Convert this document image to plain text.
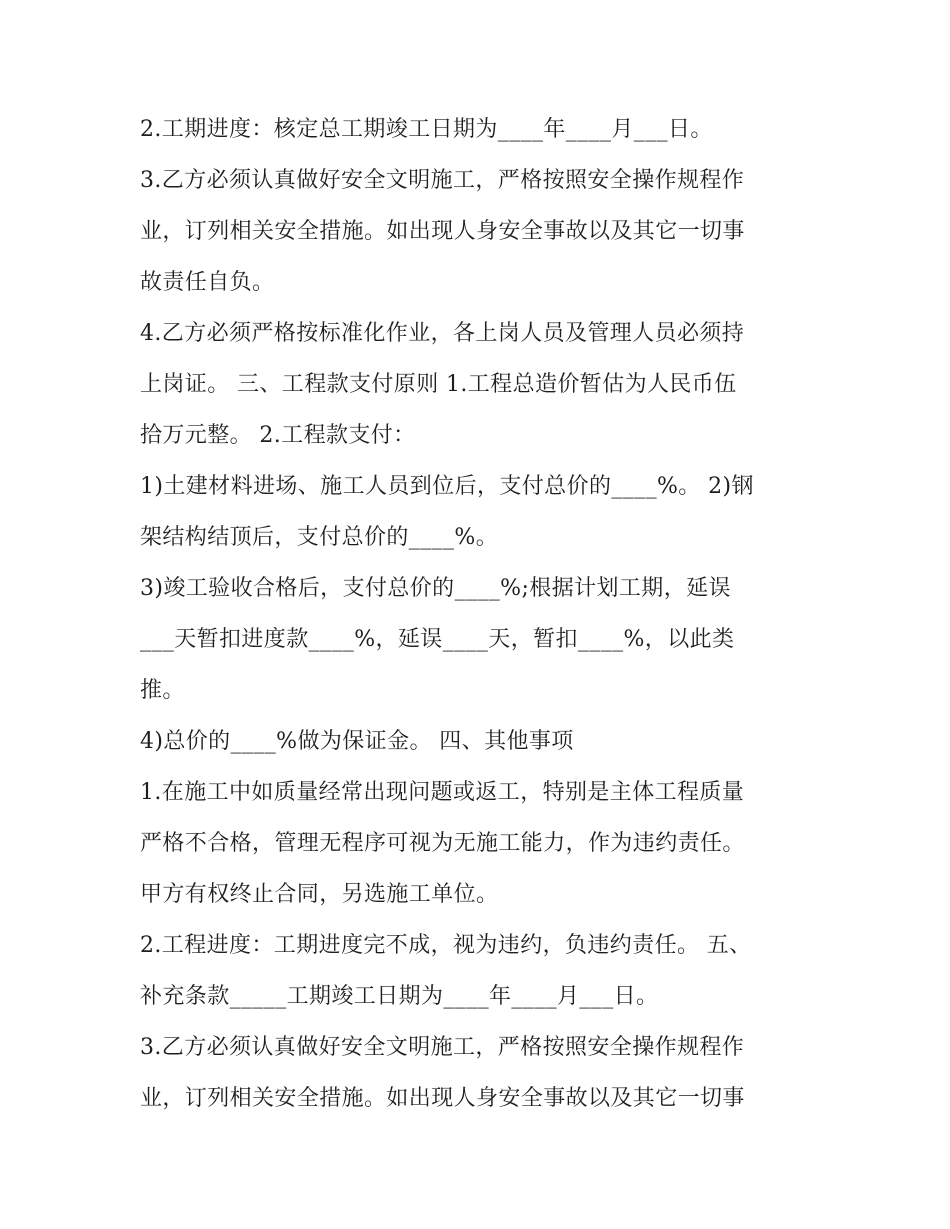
2.工期进度：核定总工期竣工日期为____年____月___日。
3.乙方必须认真做好安全文明施工，严格按照安全操作规程作
业，订列相关安全措施。如出现人身安全事故以及其它一切事
故责任自负。
4.乙方必须严格按标准化作业，各上岗人员及管理人员必须持
上岗证。 三、工程款支付原则 1.工程总造价暂估为人民币伍
拾万元整。 2.工程款支付：
1)土建材料进场、施工人员到位后，支付总价的____%。 2)钢
架结构结顶后，支付总价的____%。
3)竣工验收合格后，支付总价的____%;根据计划工期，延误
___天暂扣进度款____%，延误____天，暂扣____%，以此类
推。
4)总价的____%做为保证金。 四、其他事项
1.在施工中如质量经常出现问题或返工，特别是主体工程质量
严格不合格，管理无程序可视为无施工能力，作为违约责任。
甲方有权终止合同，另选施工单位。
2.工程进度：工期进度完不成，视为违约，负违约责任。 五、
补充条款_____工期竣工日期为____年____月___日。
3.乙方必须认真做好安全文明施工，严格按照安全操作规程作
业，订列相关安全措施。如出现人身安全事故以及其它一切事
